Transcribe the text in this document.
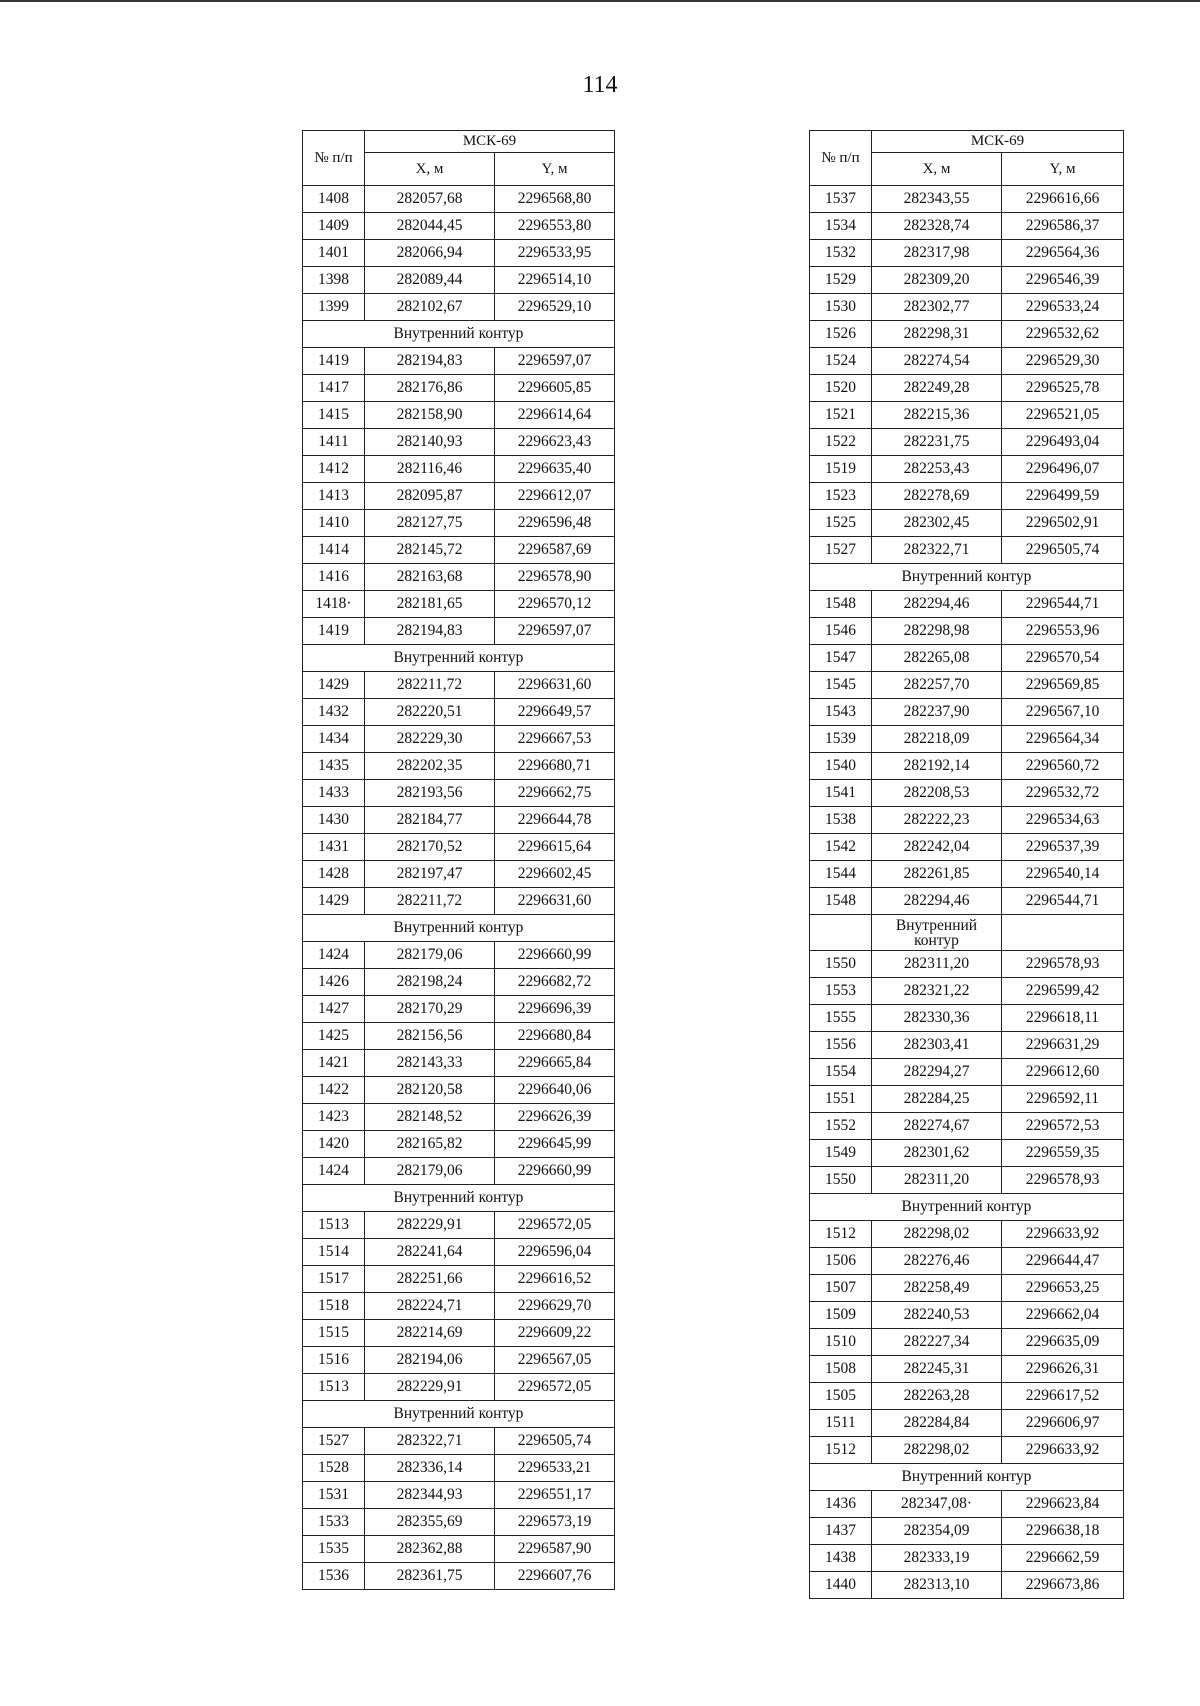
114
№ п/п	МСК-69	
	Х, м	Y, м
1408	282057,68	2296568,80
1409	282044,45	2296553,80
1401	282066,94	2296533,95
1398	282089,44	2296514,10
1399	282102,67	2296529,10
Внутренний контур		
1419	282194,83	2296597,07
1417	282176,86	2296605,85
1415	282158,90	2296614,64
1411	282140,93	2296623,43
1412	282116,46	2296635,40
1413	282095,87	2296612,07
1410	282127,75	2296596,48
1414	282145,72	2296587,69
1416	282163,68	2296578,90
1418·	282181,65	2296570,12
1419	282194,83	2296597,07
Внутренний контур		
1429	282211,72	2296631,60
1432	282220,51	2296649,57
1434	282229,30	2296667,53
1435	282202,35	2296680,71
1433	282193,56	2296662,75
1430	282184,77	2296644,78
1431	282170,52	2296615,64
1428	282197,47	2296602,45
1429	282211,72	2296631,60
Внутренний контур		
1424	282179,06	2296660,99
1426	282198,24	2296682,72
1427	282170,29	2296696,39
1425	282156,56	2296680,84
1421	282143,33	2296665,84
1422	282120,58	2296640,06
1423	282148,52	2296626,39
1420	282165,82	2296645,99
1424	282179,06	2296660,99
Внутренний контур		
1513	282229,91	2296572,05
1514	282241,64	2296596,04
1517	282251,66	2296616,52
1518	282224,71	2296629,70
1515	282214,69	2296609,22
1516	282194,06	2296567,05
1513	282229,91	2296572,05
Внутренний контур		
1527	282322,71	2296505,74
1528	282336,14	2296533,21
1531	282344,93	2296551,17
1533	282355,69	2296573,19
1535	282362,88	2296587,90
1536	282361,75	2296607,76
№ п/п	МСК-69	
	Х, м	Y, м
1537	282343,55	2296616,66
1534	282328,74	2296586,37
1532	282317,98	2296564,36
1529	282309,20	2296546,39
1530	282302,77	2296533,24
1526	282298,31	2296532,62
1524	282274,54	2296529,30
1520	282249,28	2296525,78
1521	282215,36	2296521,05
1522	282231,75	2296493,04
1519	282253,43	2296496,07
1523	282278,69	2296499,59
1525	282302,45	2296502,91
1527	282322,71	2296505,74
Внутренний контур		
1548	282294,46	2296544,71
1546	282298,98	2296553,96
1547	282265,08	2296570,54
1545	282257,70	2296569,85
1543	282237,90	2296567,10
1539	282218,09	2296564,34
1540	282192,14	2296560,72
1541	282208,53	2296532,72
1538	282222,23	2296534,63
1542	282242,04	2296537,39
1544	282261,85	2296540,14
1548	282294,46	2296544,71
	Внутренний контур	
1550	282311,20	2296578,93
1553	282321,22	2296599,42
1555	282330,36	2296618,11
1556	282303,41	2296631,29
1554	282294,27	2296612,60
1551	282284,25	2296592,11
1552	282274,67	2296572,53
1549	282301,62	2296559,35
1550	282311,20	2296578,93
Внутренний контур		
1512	282298,02	2296633,92
1506	282276,46	2296644,47
1507	282258,49	2296653,25
1509	282240,53	2296662,04
1510	282227,34	2296635,09
1508	282245,31	2296626,31
1505	282263,28	2296617,52
1511	282284,84	2296606,97
1512	282298,02	2296633,92
Внутренний контур		
1436	282347,08·	2296623,84
1437	282354,09	2296638,18
1438	282333,19	2296662,59
1440	282313,10	2296673,86
